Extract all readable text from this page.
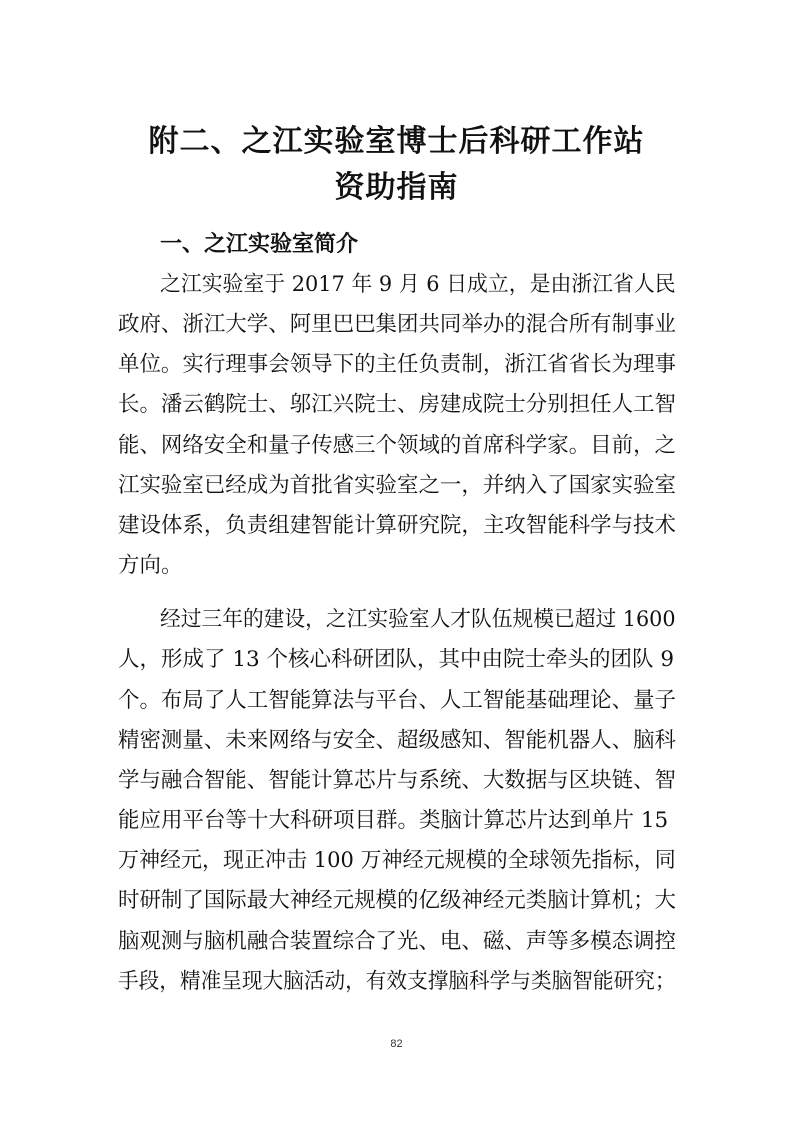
附二、之江实验室博士后科研工作站
资助指南
一、之江实验室简介
之江实验室于 2017 年 9 月 6 日成立，是由浙江省人民
政府、浙江大学、阿里巴巴集团共同举办的混合所有制事业
单位。实行理事会领导下的主任负责制，浙江省省长为理事
长。潘云鹤院士、邬江兴院士、房建成院士分别担任人工智
能、网络安全和量子传感三个领域的首席科学家。目前，之
江实验室已经成为首批省实验室之一，并纳入了国家实验室
建设体系，负责组建智能计算研究院，主攻智能科学与技术
方向。
经过三年的建设，之江实验室人才队伍规模已超过 1600
人，形成了 13 个核心科研团队，其中由院士牵头的团队 9
个。布局了人工智能算法与平台、人工智能基础理论、量子
精密测量、未来网络与安全、超级感知、智能机器人、脑科
学与融合智能、智能计算芯片与系统、大数据与区块链、智
能应用平台等十大科研项目群。类脑计算芯片达到单片 15
万神经元，现正冲击 100 万神经元规模的全球领先指标，同
时研制了国际最大神经元规模的亿级神经元类脑计算机；大
脑观测与脑机融合装置综合了光、电、磁、声等多模态调控
手段，精准呈现大脑活动，有效支撑脑科学与类脑智能研究；
82
